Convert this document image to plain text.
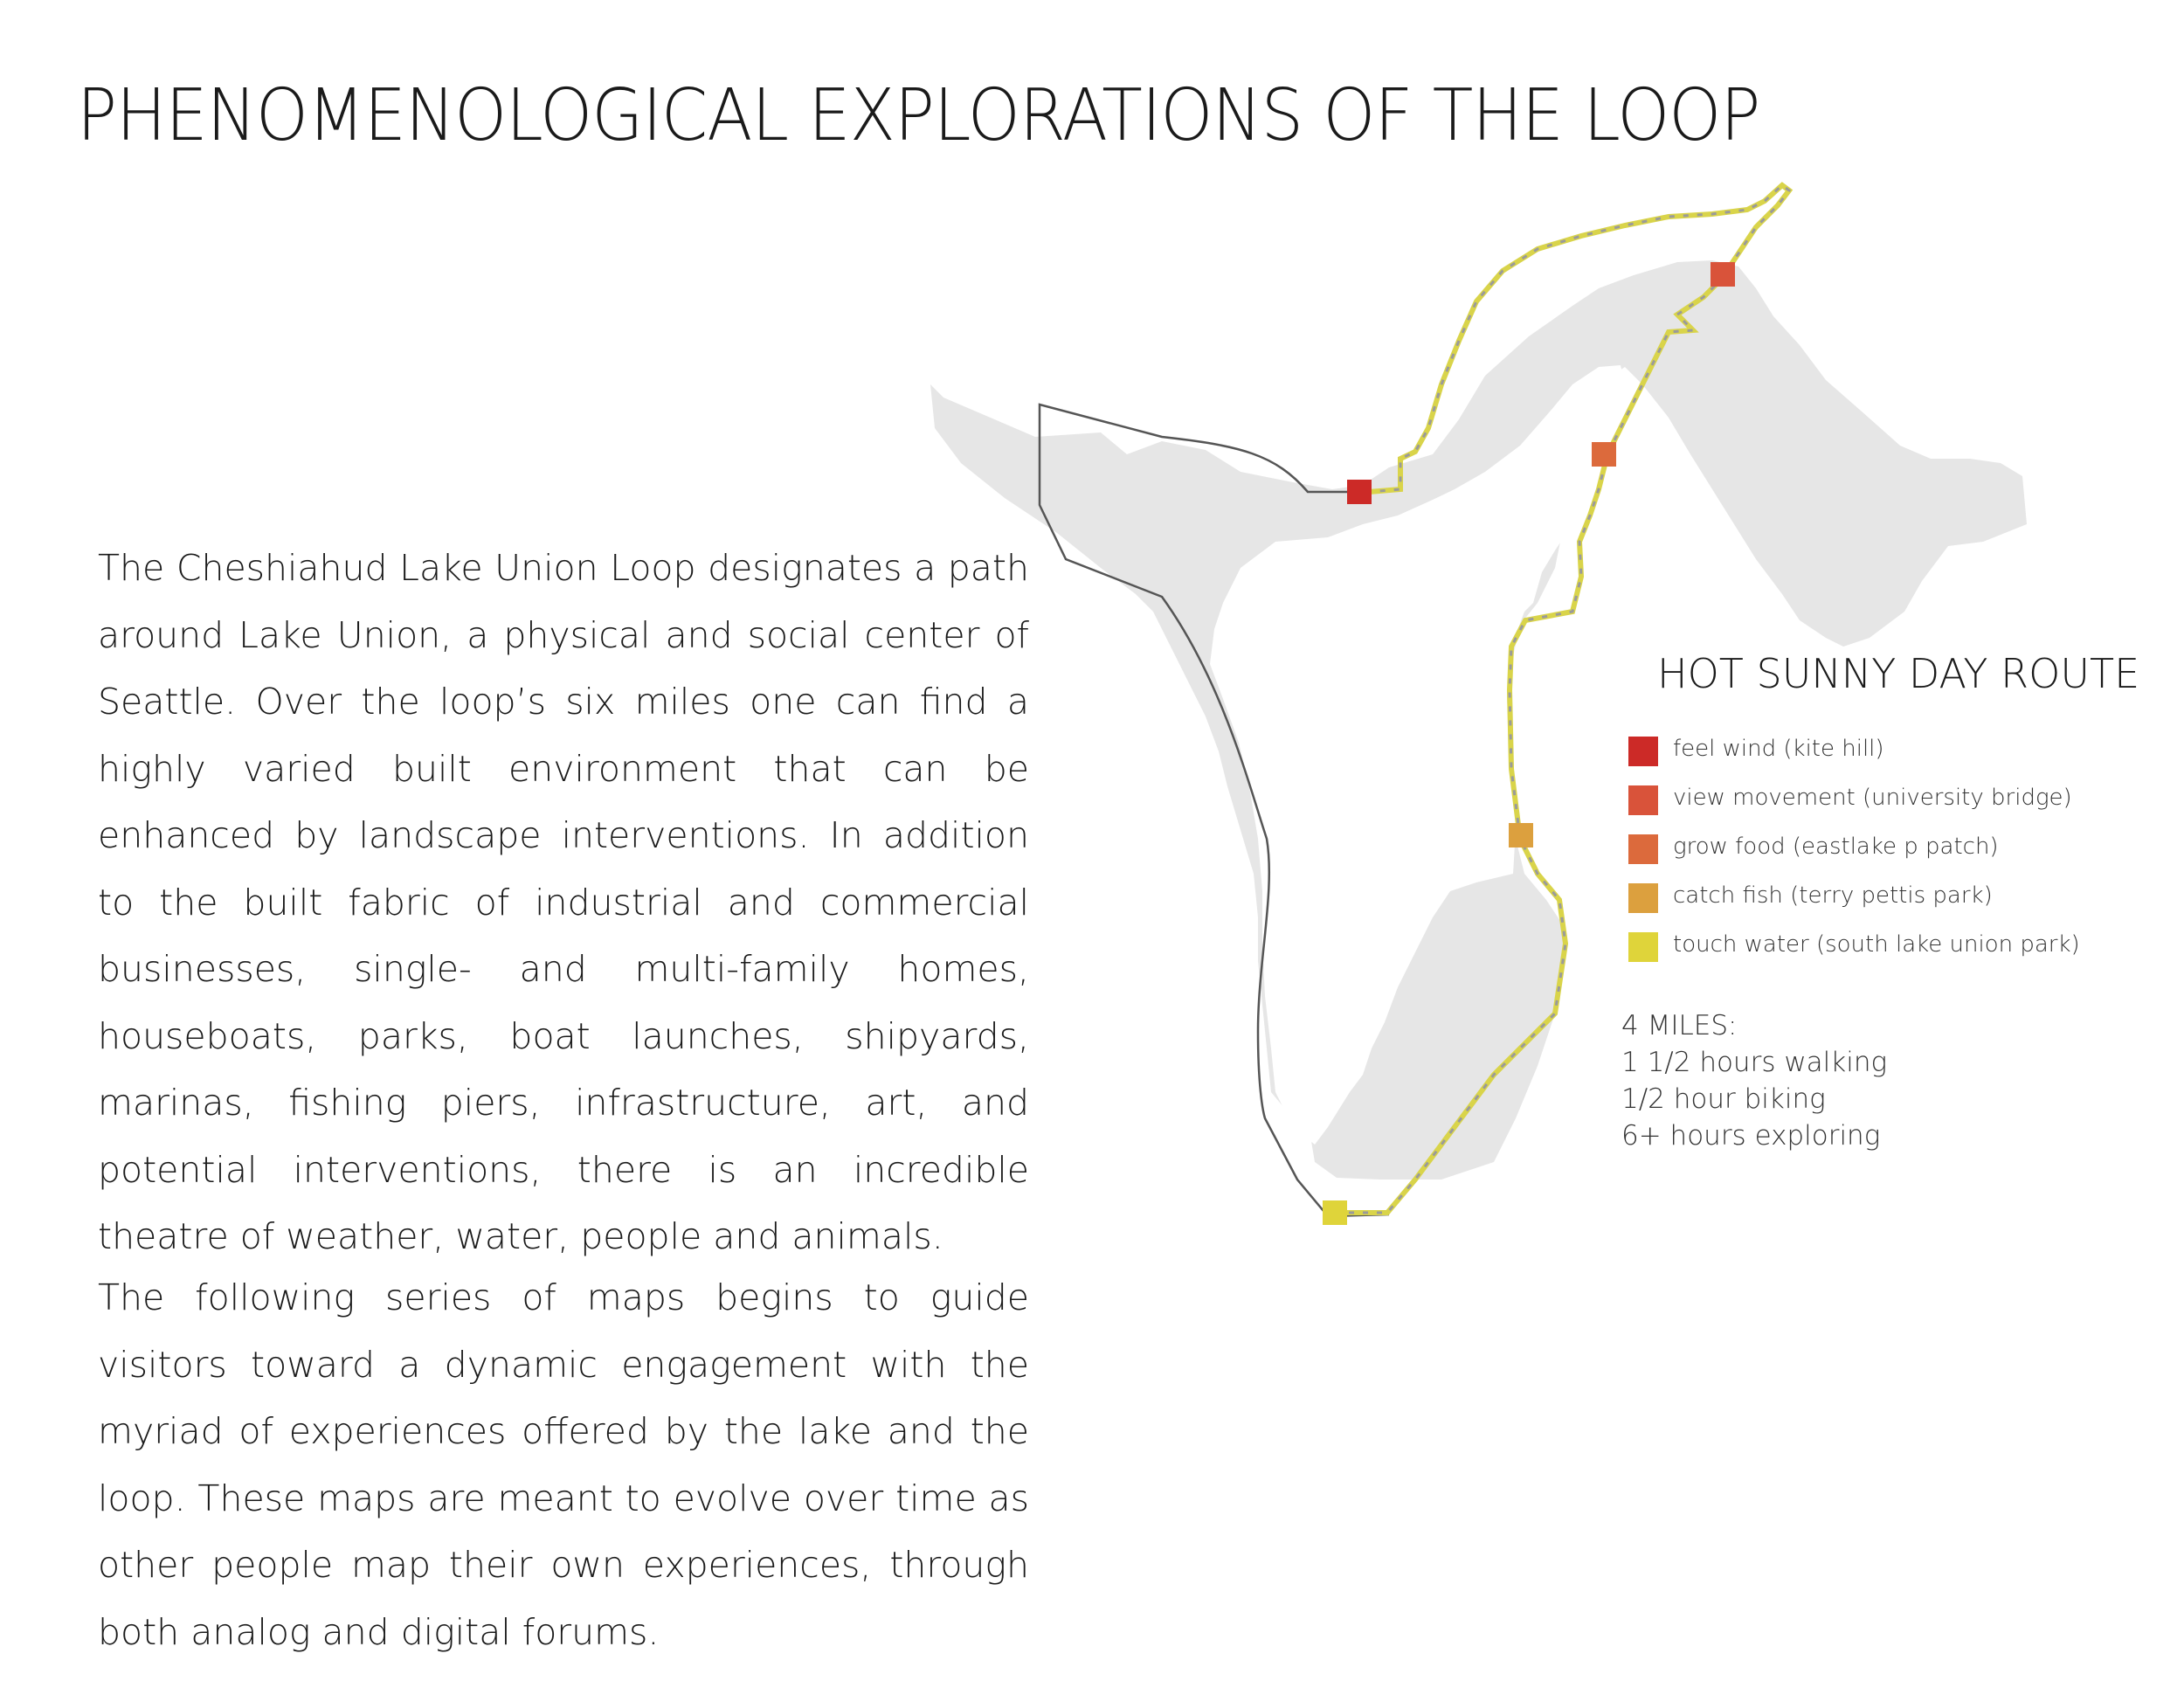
PHENOMENOLOGICAL EXPLORATIONS OF THE LOOP

The Cheshiahud Lake Union Loop designates a path around Lake Union, a physical and social center of Seattle. Over the loop’s six miles one can find a highly varied built environment that can be enhanced by landscape interventions. In addition to the built fabric of industrial and commercial businesses, single- and multi-family homes, houseboats, parks, boat launches, shipyards, marinas, fishing piers, infrastructure, art, and potential interventions, there is an incredible theatre of weather, water, people and animals.

The following series of maps begins to guide visitors toward a dynamic engagement with the myriad of experiences offered by the lake and the loop. These maps are meant to evolve over time as other people map their own experiences, through both analog and digital forums.

HOT SUNNY DAY ROUTE
feel wind (kite hill)
view movement (university bridge)
grow food (eastlake p patch)
catch fish (terry pettis park)
touch water (south lake union park)
4 MILES:
1 1/2 hours walking
1/2 hour biking
6+ hours exploring
